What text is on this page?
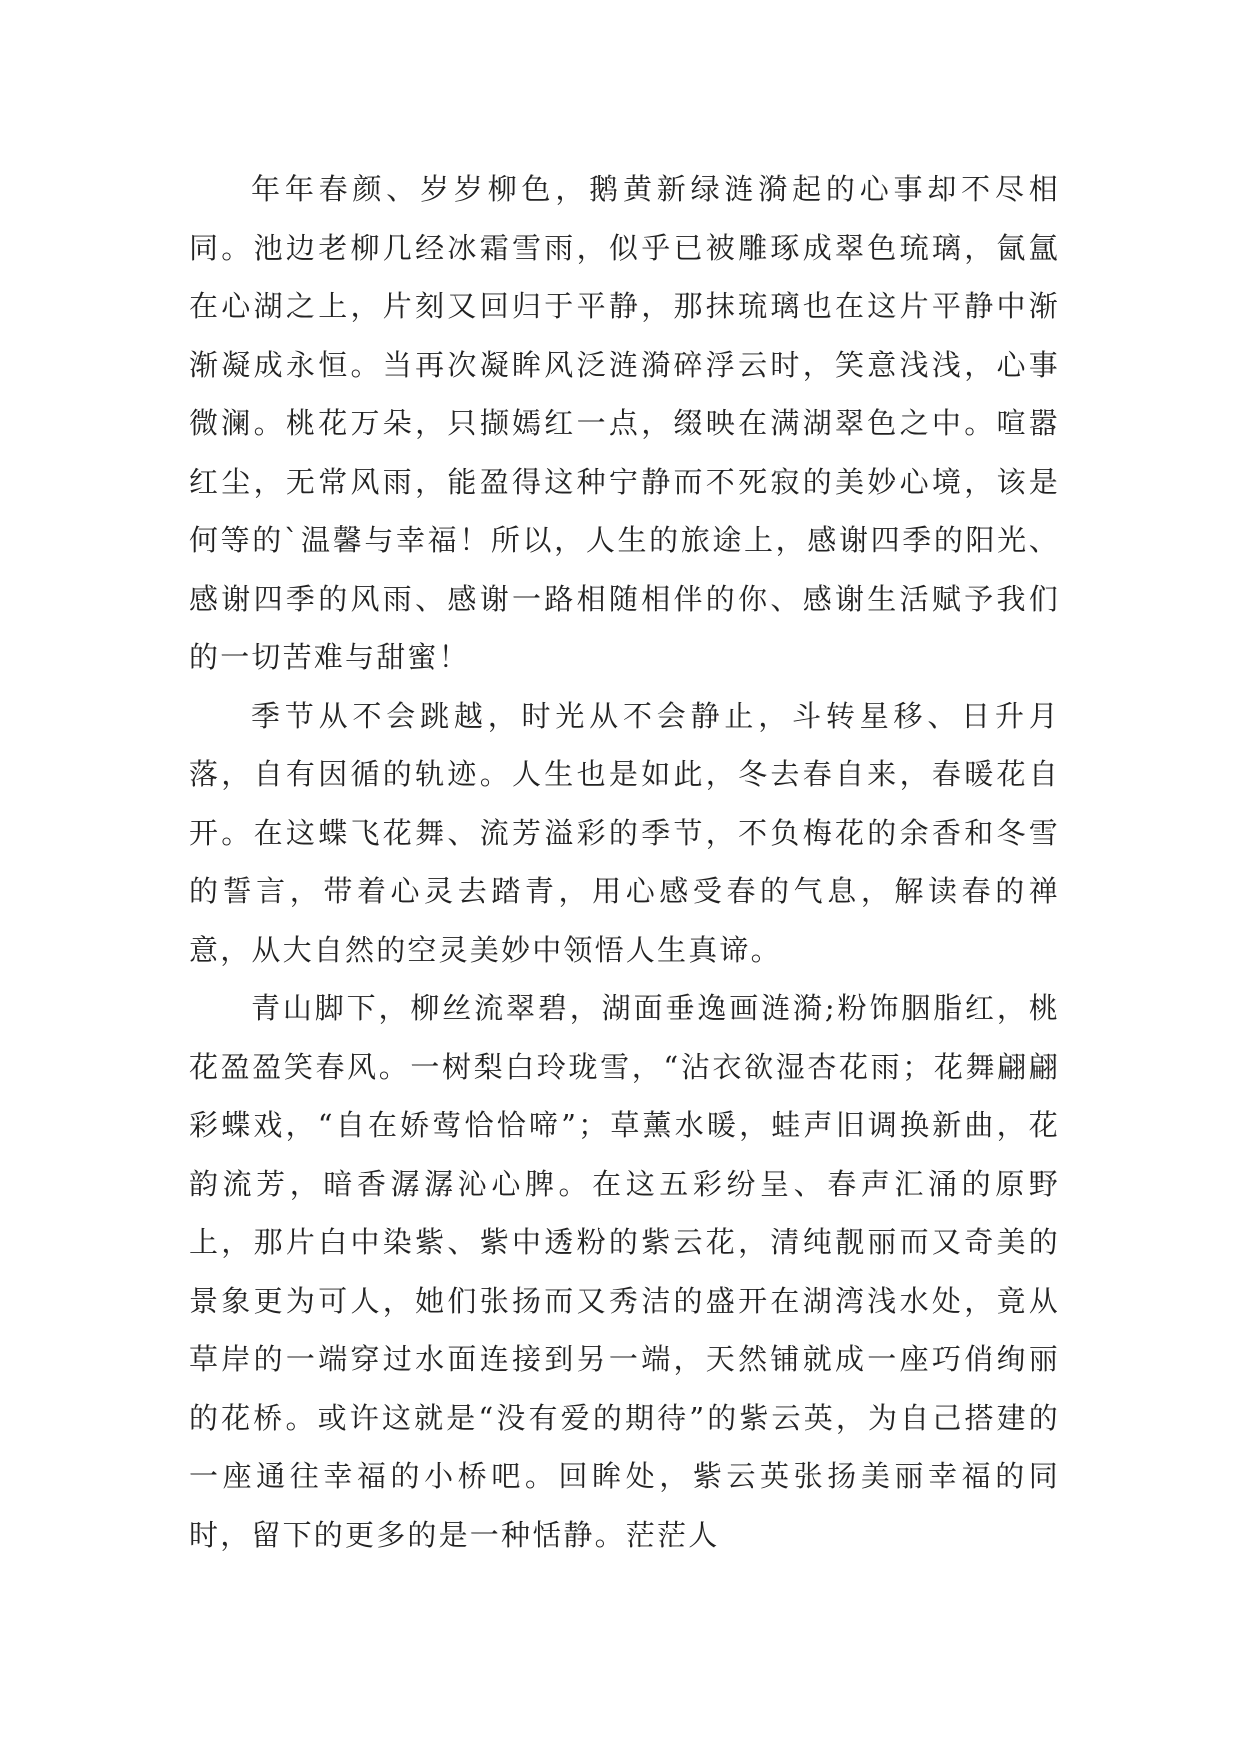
年年春颜、岁岁柳色，鹅黄新绿涟漪起的心事却不尽相同。池边老柳几经冰霜雪雨，似乎已被雕琢成翠色琉璃，氤氲在心湖之上，片刻又回归于平静，那抹琉璃也在这片平静中渐渐凝成永恒。当再次凝眸风泛涟漪碎浮云时，笑意浅浅，心事微澜。桃花万朵，只撷嫣红一点，缀映在满湖翠色之中。喧嚣红尘，无常风雨，能盈得这种宁静而不死寂的美妙心境，该是何等的`温馨与幸福！所以，人生的旅途上，感谢四季的阳光、感谢四季的风雨、感谢一路相随相伴的你、感谢生活赋予我们的一切苦难与甜蜜！

季节从不会跳越，时光从不会静止，斗转星移、日升月落，自有因循的轨迹。人生也是如此，冬去春自来，春暖花自开。在这蝶飞花舞、流芳溢彩的季节，不负梅花的余香和冬雪的誓言，带着心灵去踏青，用心感受春的气息，解读春的禅意，从大自然的空灵美妙中领悟人生真谛。

青山脚下，柳丝流翠碧，湖面垂逸画涟漪;粉饰胭脂红，桃花盈盈笑春风。一树梨白玲珑雪，“沾衣欲湿杏花雨；花舞翩翩彩蝶戏，“自在娇莺恰恰啼”；草薰水暖，蛙声旧调换新曲，花韵流芳，暗香潺潺沁心脾。在这五彩纷呈、春声汇涌的原野上，那片白中染紫、紫中透粉的紫云花，清纯靓丽而又奇美的景象更为可人，她们张扬而又秀洁的盛开在湖湾浅水处，竟从草岸的一端穿过水面连接到另一端，天然铺就成一座巧俏绚丽的花桥。或许这就是“没有爱的期待”的紫云英，为自己搭建的一座通往幸福的小桥吧。回眸处，紫云英张扬美丽幸福的同时，留下的更多的是一种恬静。茫茫人
